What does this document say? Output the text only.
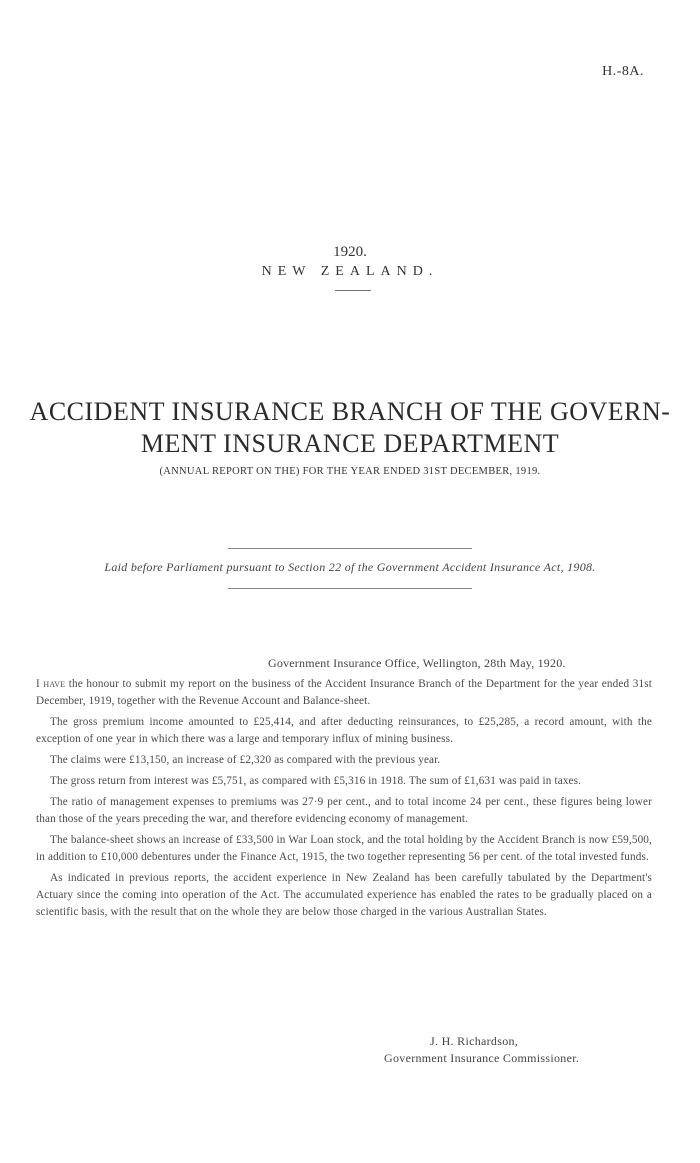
H.-8A.
1920.
NEW ZEALAND.
ACCIDENT INSURANCE BRANCH OF THE GOVERN-
MENT INSURANCE DEPARTMENT
(ANNUAL REPORT ON THE) FOR THE YEAR ENDED 31ST DECEMBER, 1919.
Laid before Parliament pursuant to Section 22 of the Government Accident Insurance Act, 1908.
Government Insurance Office, Wellington, 28th May, 1920.

I have the honour to submit my report on the business of the Accident Insurance Branch of the Department for the year ended 31st December, 1919, together with the Revenue Account and Balance-sheet.

The gross premium income amounted to £25,414, and after deducting reinsurances, to £25,285, a record amount, with the exception of one year in which there was a large and temporary influx of mining business.

The claims were £13,150, an increase of £2,320 as compared with the previous year.

The gross return from interest was £5,751, as compared with £5,316 in 1918. The sum of £1,631 was paid in taxes.

The ratio of management expenses to premiums was 27·9 per cent., and to total income 24 per cent., these figures being lower than those of the years preceding the war, and therefore evidencing economy of management.

The balance-sheet shows an increase of £33,500 in War Loan stock, and the total holding by the Accident Branch is now £59,500, in addition to £10,000 debentures under the Finance Act, 1915, the two together representing 56 per cent. of the total invested funds.

As indicated in previous reports, the accident experience in New Zealand has been carefully tabulated by the Department's Actuary since the coming into operation of the Act. The accumulated experience has enabled the rates to be gradually placed on a scientific basis, with the result that on the whole they are below those charged in the various Australian States.

J. H. Richardson,
Government Insurance Commissioner.
